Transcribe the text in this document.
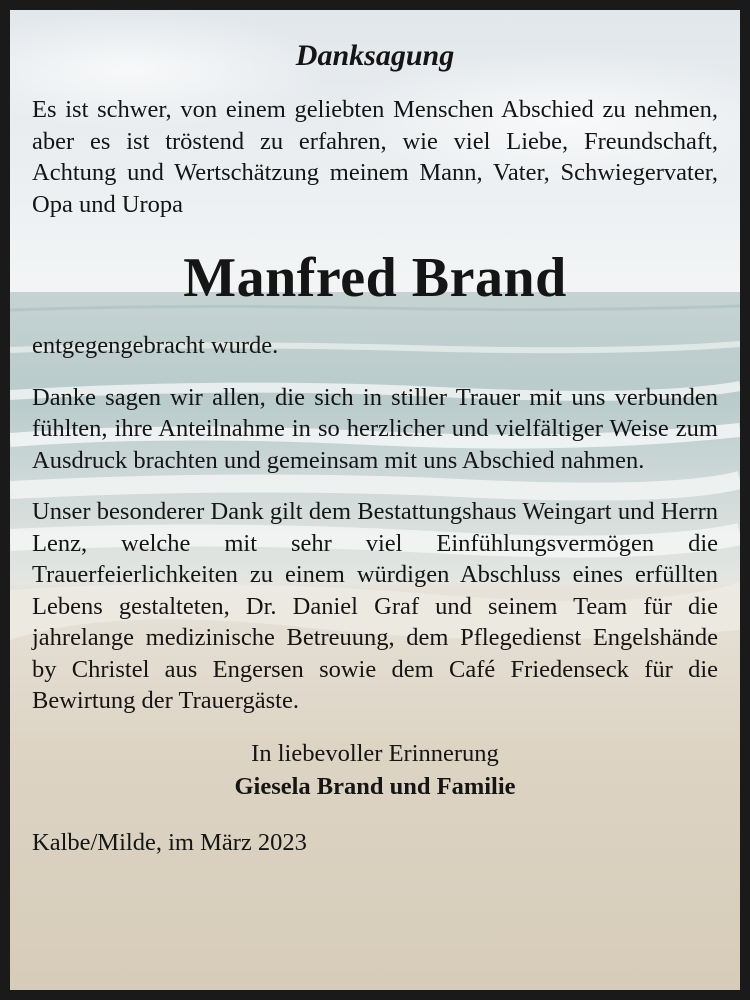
Danksagung

Es ist schwer, von einem geliebten Menschen Abschied zu nehmen, aber es ist tröstend zu erfahren, wie viel Liebe, Freundschaft, Achtung und Wertschätzung meinem Mann, Vater, Schwiegervater, Opa und Uropa

Manfred Brand

entgegengebracht wurde.

Danke sagen wir allen, die sich in stiller Trauer mit uns verbunden fühlten, ihre Anteilnahme in so herzlicher und vielfältiger Weise zum Ausdruck brachten und gemeinsam mit uns Abschied nahmen.

Unser besonderer Dank gilt dem Bestattungshaus Weingart und Herrn Lenz, welche mit sehr viel Einfühlungsvermögen die Trauerfeierlichkeiten zu einem würdigen Abschluss eines erfüllten Lebens gestalteten, Dr. Daniel Graf und seinem Team für die jahrelange medizinische Betreuung, dem Pflegedienst Engelshände by Christel aus Engersen sowie dem Café Friedenseck für die Bewirtung der Trauergäste.

In liebevoller Erinnerung
Giesela Brand und Familie

Kalbe/Milde, im März 2023
